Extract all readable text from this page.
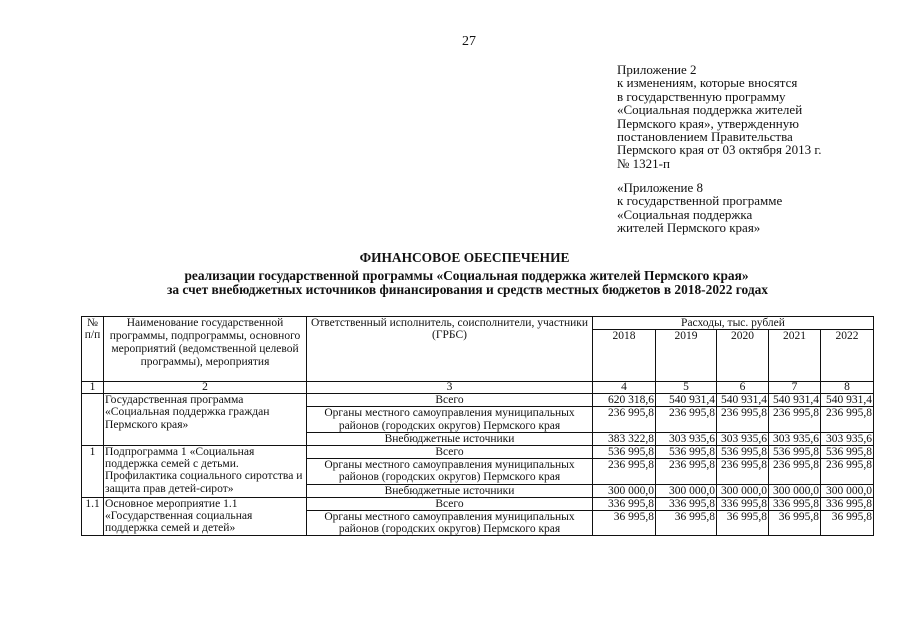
27
Приложение 2
к изменениям, которые вносятся
в государственную программу
«Социальная поддержка жителей
Пермского края», утвержденную
постановлением Правительства
Пермского края от 03 октября 2013 г.
№ 1321-п
«Приложение 8
к государственной программе
«Социальная поддержка
жителей Пермского края»
ФИНАНСОВОЕ ОБЕСПЕЧЕНИЕ
реализации государственной программы «Социальная поддержка жителей Пермского края»
за счет внебюджетных источников финансирования и средств местных бюджетов в 2018-2022 годах
№ п/п	Наименование государственной программы, подпрограммы, основного мероприятий (ведомственной целевой программы), мероприятия	Ответственный исполнитель, соисполнители, участники (ГРБС)	Расходы, тыс. рублей				
			2018	2019	2020	2021	2022
1	2	3	4	5	6	7	8
	Государственная программа «Социальная поддержка граждан Пермского края»	Всего	620 318,6	540 931,4	540 931,4	540 931,4	540 931,4
		Органы местного самоуправления муниципальных районов (городских округов) Пермского края	236 995,8	236 995,8	236 995,8	236 995,8	236 995,8
		Внебюджетные источники	383 322,8	303 935,6	303 935,6	303 935,6	303 935,6
1	Подпрограмма 1 «Социальная поддержка семей с детьми. Профилактика социального сиротства и защита прав детей-сирот»	Всего	536 995,8	536 995,8	536 995,8	536 995,8	536 995,8
		Органы местного самоуправления муниципальных районов (городских округов) Пермского края	236 995,8	236 995,8	236 995,8	236 995,8	236 995,8
		Внебюджетные источники	300 000,0	300 000,0	300 000,0	300 000,0	300 000,0
1.1	Основное мероприятие 1.1 «Государственная социальная поддержка семей и детей»	Всего	336 995,8	336 995,8	336 995,8	336 995,8	336 995,8
		Органы местного самоуправления муниципальных районов (городских округов) Пермского края	36 995,8	36 995,8	36 995,8	36 995,8	36 995,8
